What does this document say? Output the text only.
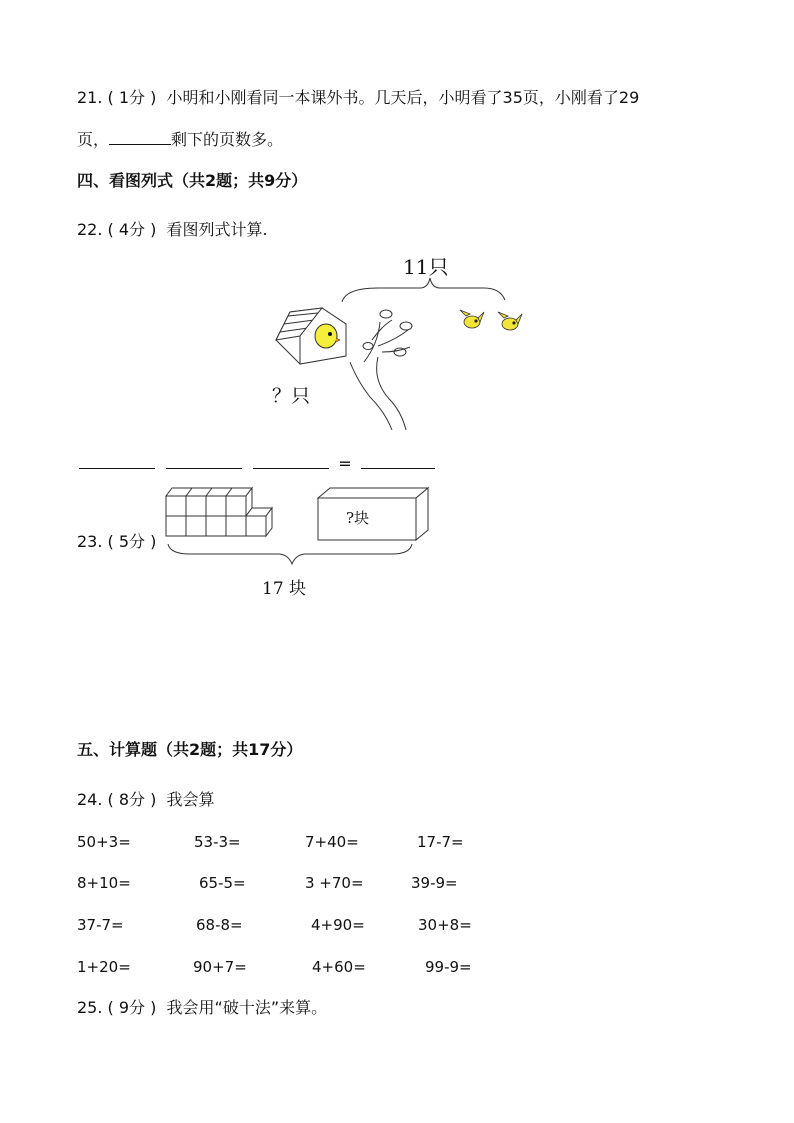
21. ( 1分 ) 小明和小刚看同一本课外书。几天后，小明看了35页，小刚看了29
页，	剩下的页数多。
四、看图列式（共2题；共9分）
22. ( 4分 ) 看图列式计算.
11只
？只
=
?块
23. ( 5分 )
17 块
五、计算题（共2题；共17分）
24. ( 8分 ) 我会算
50+3=	53-3=	7+40=	17-7=
8+10=	65-5=	3 +70=	39-9=
37-7=	68-8=	4+90=	30+8=
1+20=	90+7=	4+60=	99-9=
25. ( 9分 ) 我会用“破十法”来算。
